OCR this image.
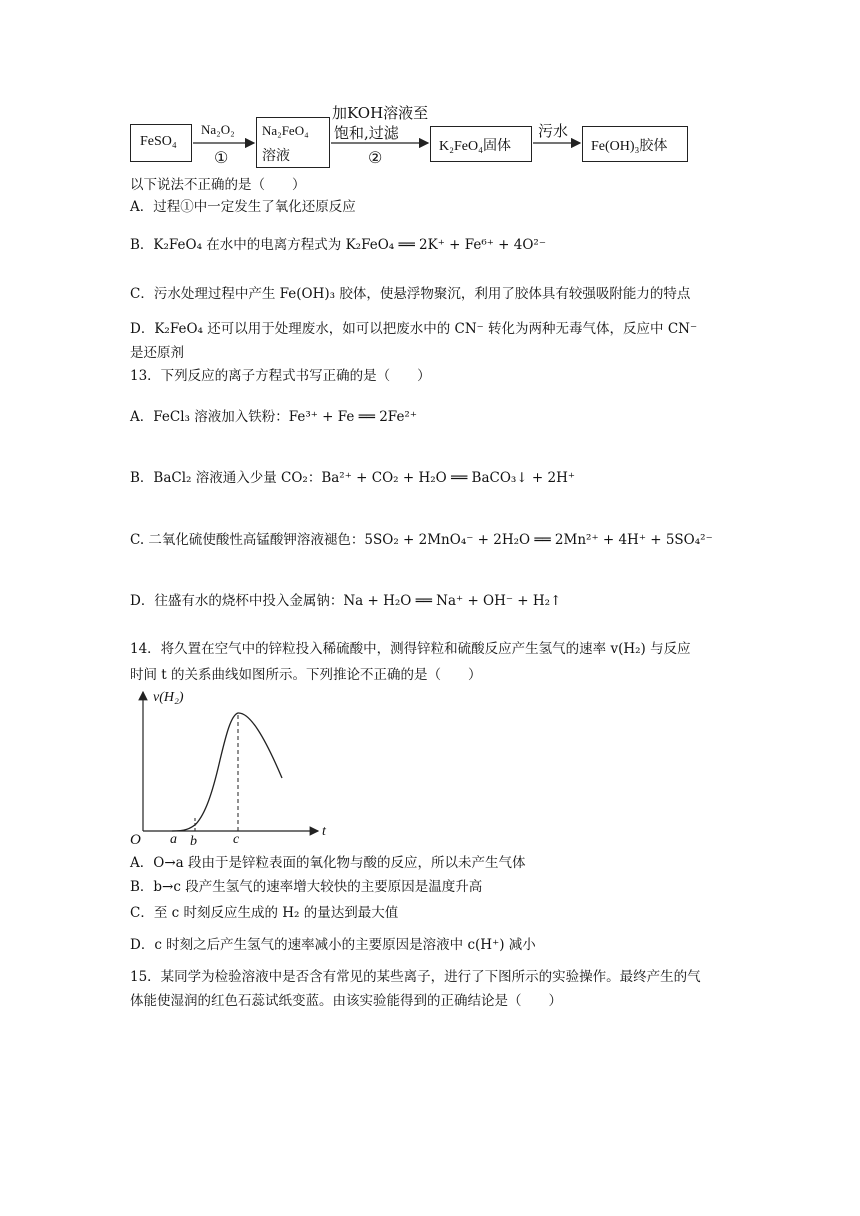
FeSO₄
Na₂FeO₄
溶液
K₂FeO₄固体	Fe(OH)₃胶体
Na₂O₂
①
加KOH溶液至
饱和,过滤
②
污水
以下说法不正确的是（　　）
A．过程①中一定发生了氧化还原反应
B．K₂FeO₄ 在水中的电离方程式为 K₂FeO₄ ══ 2K⁺ + Fe⁶⁺ + 4O²⁻
C．污水处理过程中产生 Fe(OH)₃ 胶体，使悬浮物聚沉，利用了胶体具有较强吸附能力的特点
D．K₂FeO₄ 还可以用于处理废水，如可以把废水中的 CN⁻ 转化为两种无毒气体，反应中 CN⁻
是还原剂
13．下列反应的离子方程式书写正确的是（　　）
A．FeCl₃ 溶液加入铁粉：Fe³⁺ + Fe ══ 2Fe²⁺
B．BaCl₂ 溶液通入少量 CO₂：Ba²⁺ + CO₂ + H₂O ══ BaCO₃↓ + 2H⁺
C. 二氧化硫使酸性高锰酸钾溶液褪色：5SO₂ + 2MnO₄⁻ + 2H₂O ══ 2Mn²⁺ + 4H⁺ + 5SO₄²⁻
D．往盛有水的烧杯中投入金属钠：Na + H₂O ══ Na⁺ + OH⁻ + H₂↑
14．将久置在空气中的锌粒投入稀硫酸中，测得锌粒和硫酸反应产生氢气的速率 v(H₂) 与反应
时间 t 的关系曲线如图所示。下列推论不正确的是（　　）
v(H₂)
t
O a b	c
A．O→a 段由于是锌粒表面的氧化物与酸的反应，所以未产生气体
B．b→c 段产生氢气的速率增大较快的主要原因是温度升高
C．至 c 时刻反应生成的 H₂ 的量达到最大值
D．c 时刻之后产生氢气的速率减小的主要原因是溶液中 c(H⁺) 减小
15．某同学为检验溶液中是否含有常见的某些离子，进行了下图所示的实验操作。最终产生的气
体能使湿润的红色石蕊试纸变蓝。由该实验能得到的正确结论是（　　）
